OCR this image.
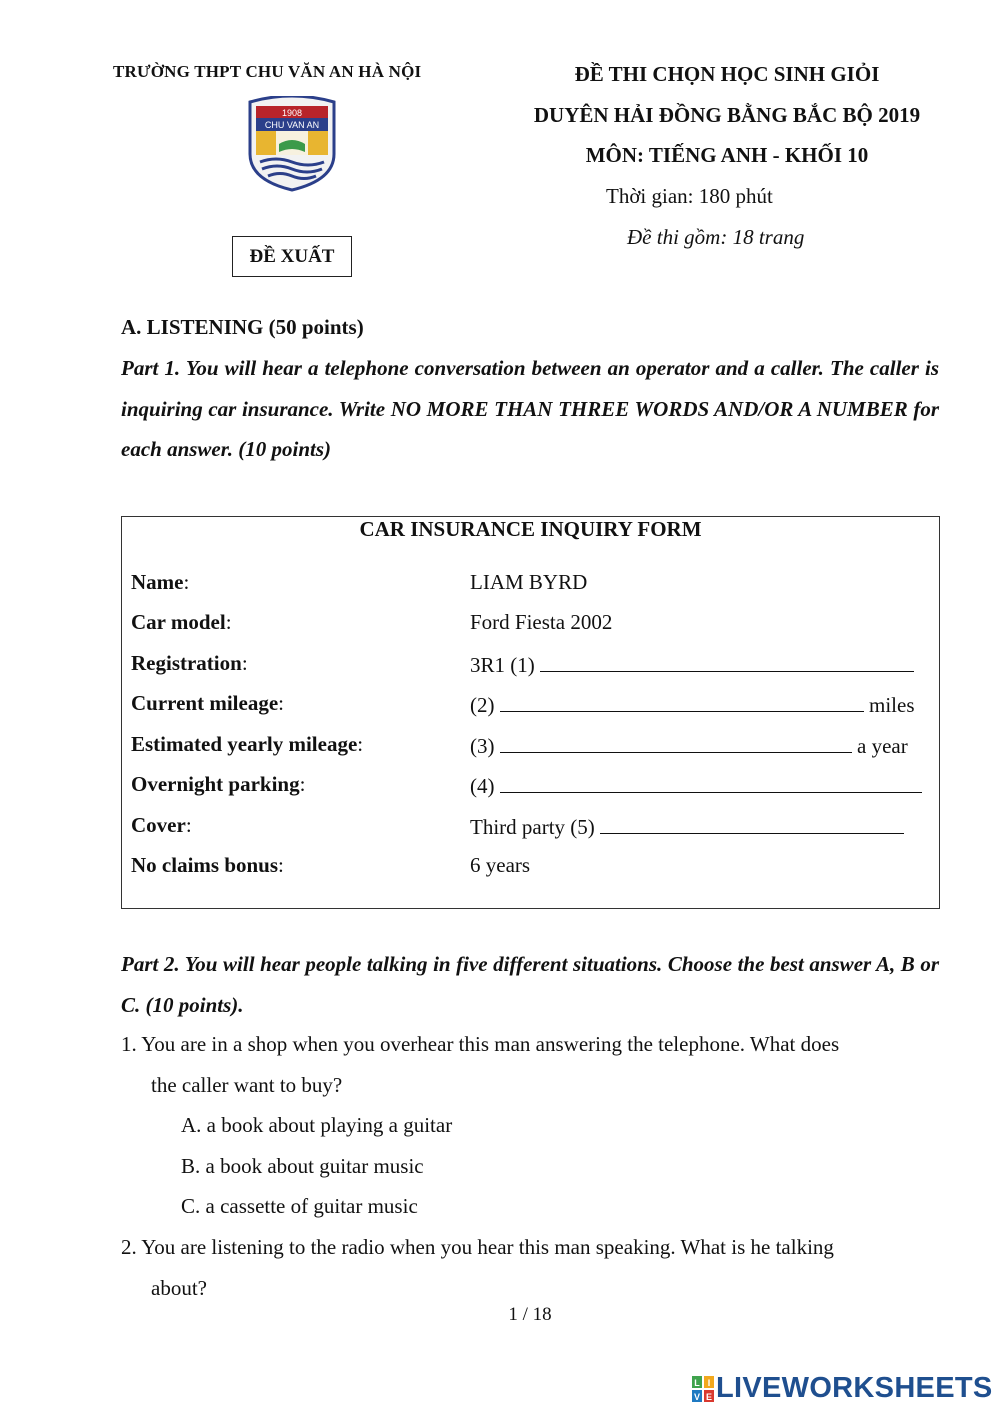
TRƯỜNG THPT CHU VĂN AN HÀ NỘI
1908
CHU VAN AN
ĐỀ XUẤT
ĐỀ THI CHỌN HỌC SINH GIỎI
DUYÊN HẢI ĐỒNG BẰNG BẮC BỘ 2019
MÔN: TIẾNG ANH - KHỐI 10
Thời gian: 180 phút
Đề thi gồm: 18 trang
A. LISTENING (50 points)
Part 1. You will hear a telephone conversation between an operator and a caller. The caller is inquiring car insurance. Write NO MORE THAN THREE WORDS AND/OR A NUMBER for each answer. (10 points)
CAR INSURANCE INQUIRY FORM
Name:	LIAM BYRD
Car model:	Ford Fiesta 2002
Registration:	3R1 (1)
Current mileage:	(2)	miles
Estimated yearly mileage:	(3)	a year
Overnight parking:	(4)
Cover:	Third party (5)
No claims bonus:	6 years
Part 2. You will hear people talking in five different situations. Choose the best answer A, B or C. (10 points).
1. You are in a shop when you overhear this man answering the telephone. What does
the caller want to buy?
A. a book about playing a guitar
B. a book about guitar music
C. a cassette of guitar music
2. You are listening to the radio when you hear this man speaking. What is he talking
about?
1 / 18
L I
V E LIVEWORKSHEETS
